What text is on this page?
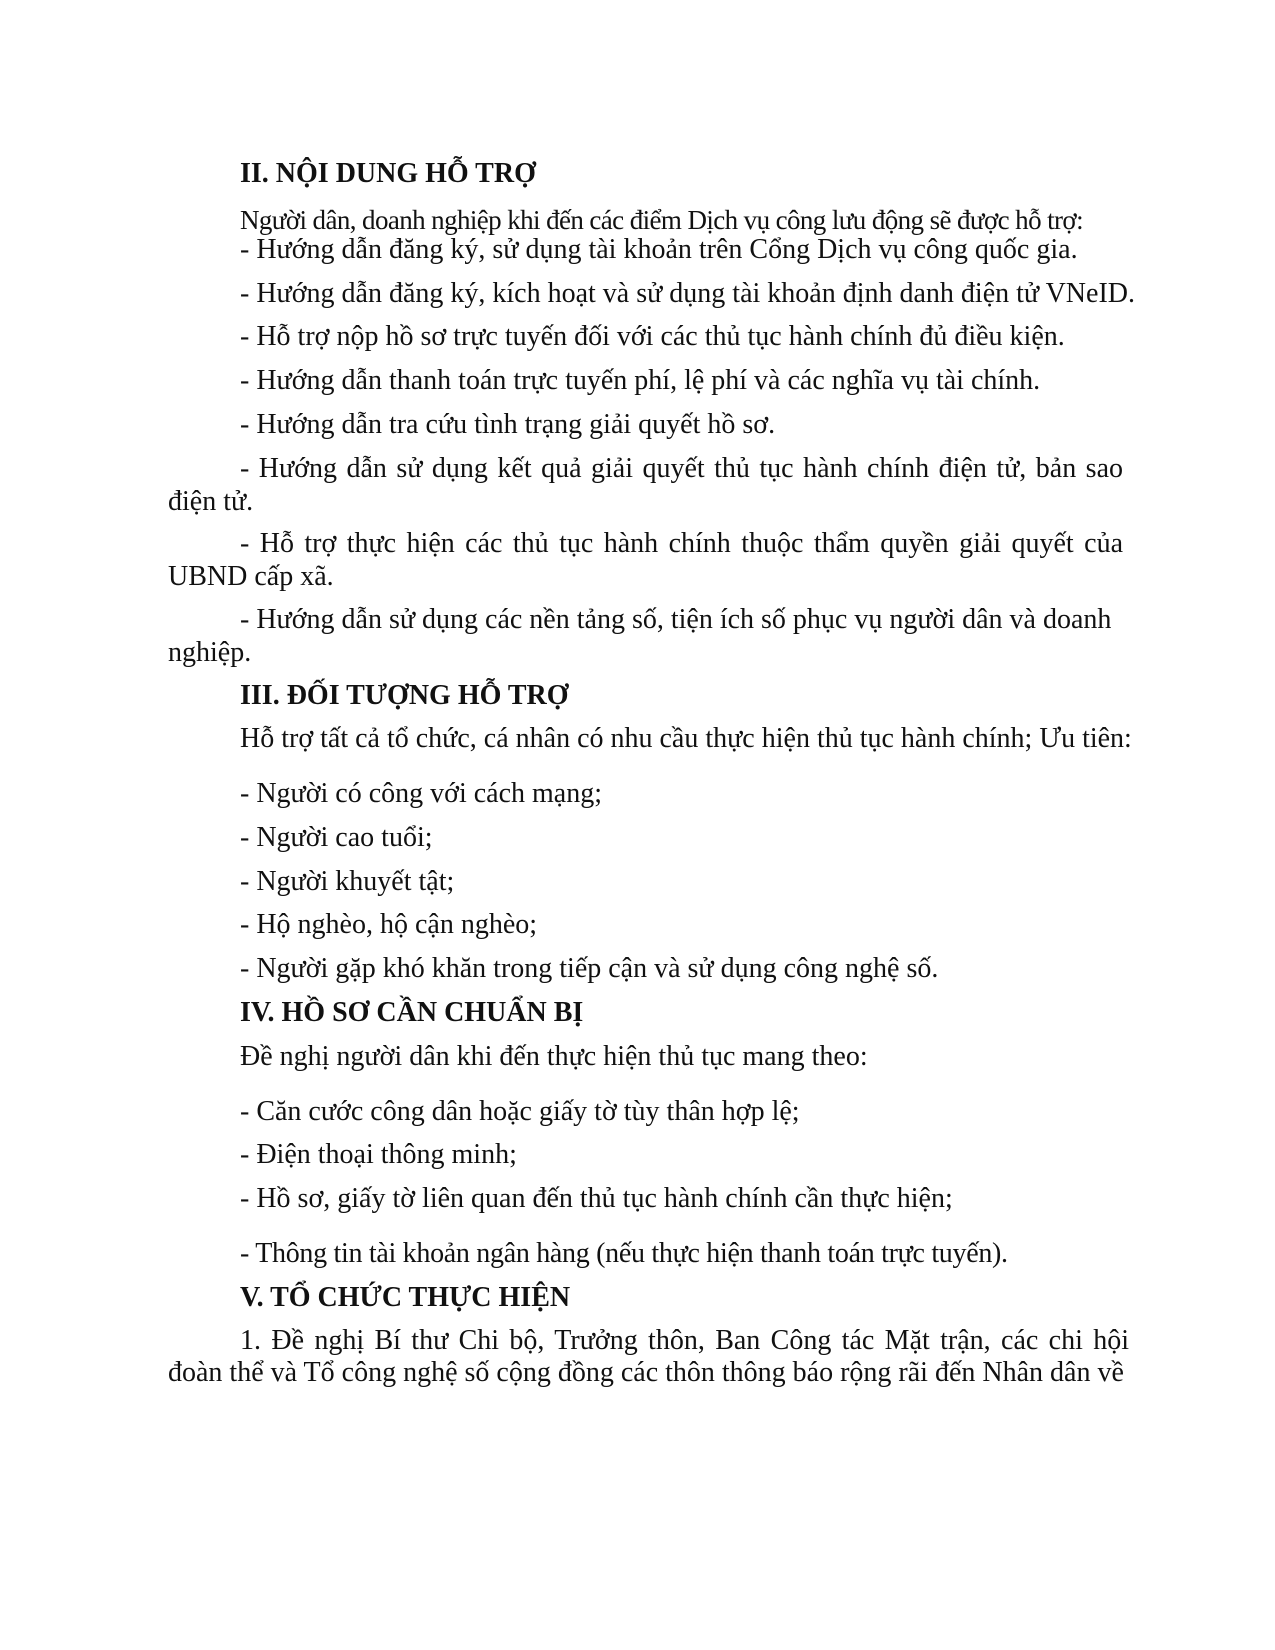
II. NỘI DUNG HỖ TRỢ
Người dân, doanh nghiệp khi đến các điểm Dịch vụ công lưu động sẽ được hỗ trợ:
- Hướng dẫn đăng ký, sử dụng tài khoản trên Cổng Dịch vụ công quốc gia.
- Hướng dẫn đăng ký, kích hoạt và sử dụng tài khoản định danh điện tử VNeID.
- Hỗ trợ nộp hồ sơ trực tuyến đối với các thủ tục hành chính đủ điều kiện.
- Hướng dẫn thanh toán trực tuyến phí, lệ phí và các nghĩa vụ tài chính.
- Hướng dẫn tra cứu tình trạng giải quyết hồ sơ.
- Hướng dẫn sử dụng kết quả giải quyết thủ tục hành chính điện tử, bản sao
điện tử.
- Hỗ trợ thực hiện các thủ tục hành chính thuộc thẩm quyền giải quyết của
UBND cấp xã.
- Hướng dẫn sử dụng các nền tảng số, tiện ích số phục vụ người dân và doanh
nghiệp.
III. ĐỐI TƯỢNG HỖ TRỢ
Hỗ trợ tất cả tổ chức, cá nhân có nhu cầu thực hiện thủ tục hành chính; Ưu tiên:
- Người có công với cách mạng;
- Người cao tuổi;
- Người khuyết tật;
- Hộ nghèo, hộ cận nghèo;
- Người gặp khó khăn trong tiếp cận và sử dụng công nghệ số.
IV. HỒ SƠ CẦN CHUẨN BỊ
Đề nghị người dân khi đến thực hiện thủ tục mang theo:
- Căn cước công dân hoặc giấy tờ tùy thân hợp lệ;
- Điện thoại thông minh;
- Hồ sơ, giấy tờ liên quan đến thủ tục hành chính cần thực hiện;
- Thông tin tài khoản ngân hàng (nếu thực hiện thanh toán trực tuyến).
V. TỔ CHỨC THỰC HIỆN
1. Đề nghị Bí thư Chi bộ, Trưởng thôn, Ban Công tác Mặt trận, các chi hội
đoàn thể và Tổ công nghệ số cộng đồng các thôn thông báo rộng rãi đến Nhân dân về
